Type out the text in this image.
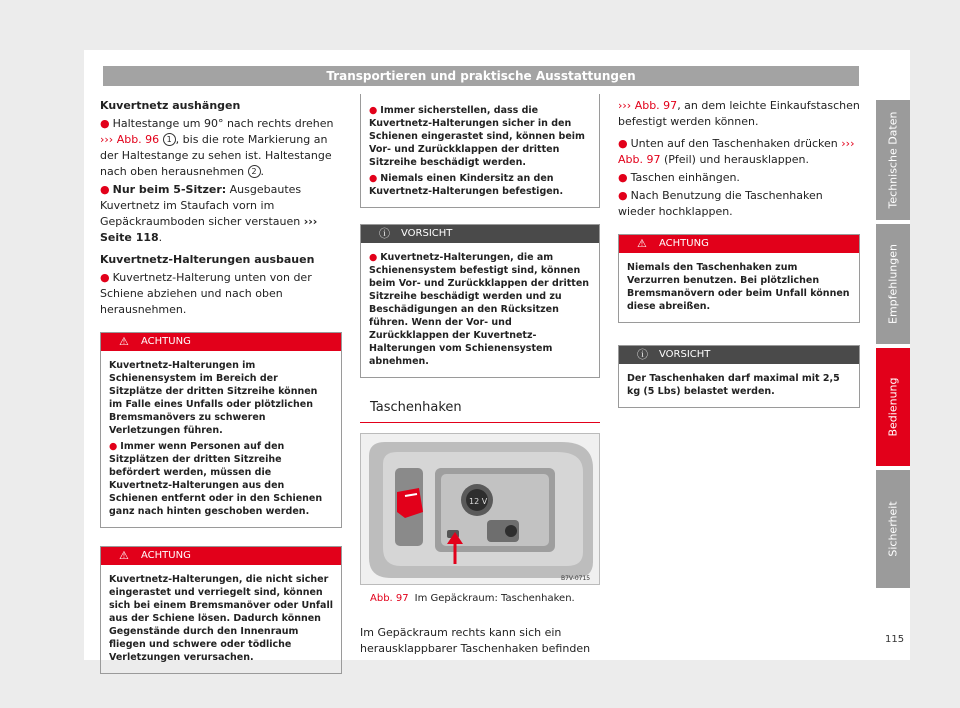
Transportieren und praktische Ausstattungen

Kuvertnetz aushängen

● Haltestange um 90° nach rechts drehen ››› Abb. 96 1 , bis die rote Markierung an der Haltestange zu sehen ist. Haltestange nach oben herausnehmen 2 .

● Nur beim 5-Sitzer: Ausgebautes Kuvertnetz im Staufach vorn im Gepäckraumboden sicher verstauen ››› Seite 118.

Kuvertnetz-Halterungen ausbauen

● Kuvertnetz-Halterung unten von der Schiene abziehen und nach oben herausnehmen.

⚠ ACHTUNG

Kuvertnetz-Halterungen im Schienensystem im Bereich der Sitzplätze der dritten Sitzreihe können im Falle eines Unfalls oder plötzlichen Bremsmanövers zu schweren Verletzungen führen.

● Immer wenn Personen auf den Sitzplätzen der dritten Sitzreihe befördert werden, müssen die Kuvertnetz-Halterungen aus den Schienen entfernt oder in den Schienen ganz nach hinten geschoben werden.

⚠ ACHTUNG

Kuvertnetz-Halterungen, die nicht sicher eingerastet und verriegelt sind, können sich bei einem Bremsmanöver oder Unfall aus der Schiene lösen. Dadurch können Gegenstände durch den Innenraum fliegen und schwere oder tödliche Verletzungen verursachen.

● Immer sicherstellen, dass die Kuvertnetz-Halterungen sicher in den Schienen eingerastet sind, können beim Vor- und Zurückklappen der dritten Sitzreihe beschädigt werden.

● Niemals einen Kindersitz an den Kuvertnetz-Halterungen befestigen.

ⓘ VORSICHT

● Kuvertnetz-Halterungen, die am Schienensystem befestigt sind, können beim Vor- und Zurückklappen der dritten Sitzreihe beschädigt werden und zu Beschädigungen an den Rücksitzen führen. Wenn der Vor- und Zurückklappen der Kuvertnetz-Halterungen vom Schienensystem abnehmen.

Taschenhaken
12 V
B7V-0715
Abb. 97 Im Gepäckraum: Taschenhaken.

Im Gepäckraum rechts kann sich ein herausklappbarer Taschenhaken befinden

››› Abb. 97, an dem leichte Einkaufstaschen befestigt werden können.

● Unten auf den Taschenhaken drücken ››› Abb. 97 (Pfeil) und herausklappen.

● Taschen einhängen.

● Nach Benutzung die Taschenhaken wieder hochklappen.

⚠ ACHTUNG

Niemals den Taschenhaken zum Verzurren benutzen. Bei plötzlichen Bremsmanövern oder beim Unfall können diese abreißen.

ⓘ VORSICHT

Der Taschenhaken darf maximal mit 2,5 kg (5 Lbs) belastet werden.

Technische Daten
Empfehlungen
Bedienung
Sicherheit
115
